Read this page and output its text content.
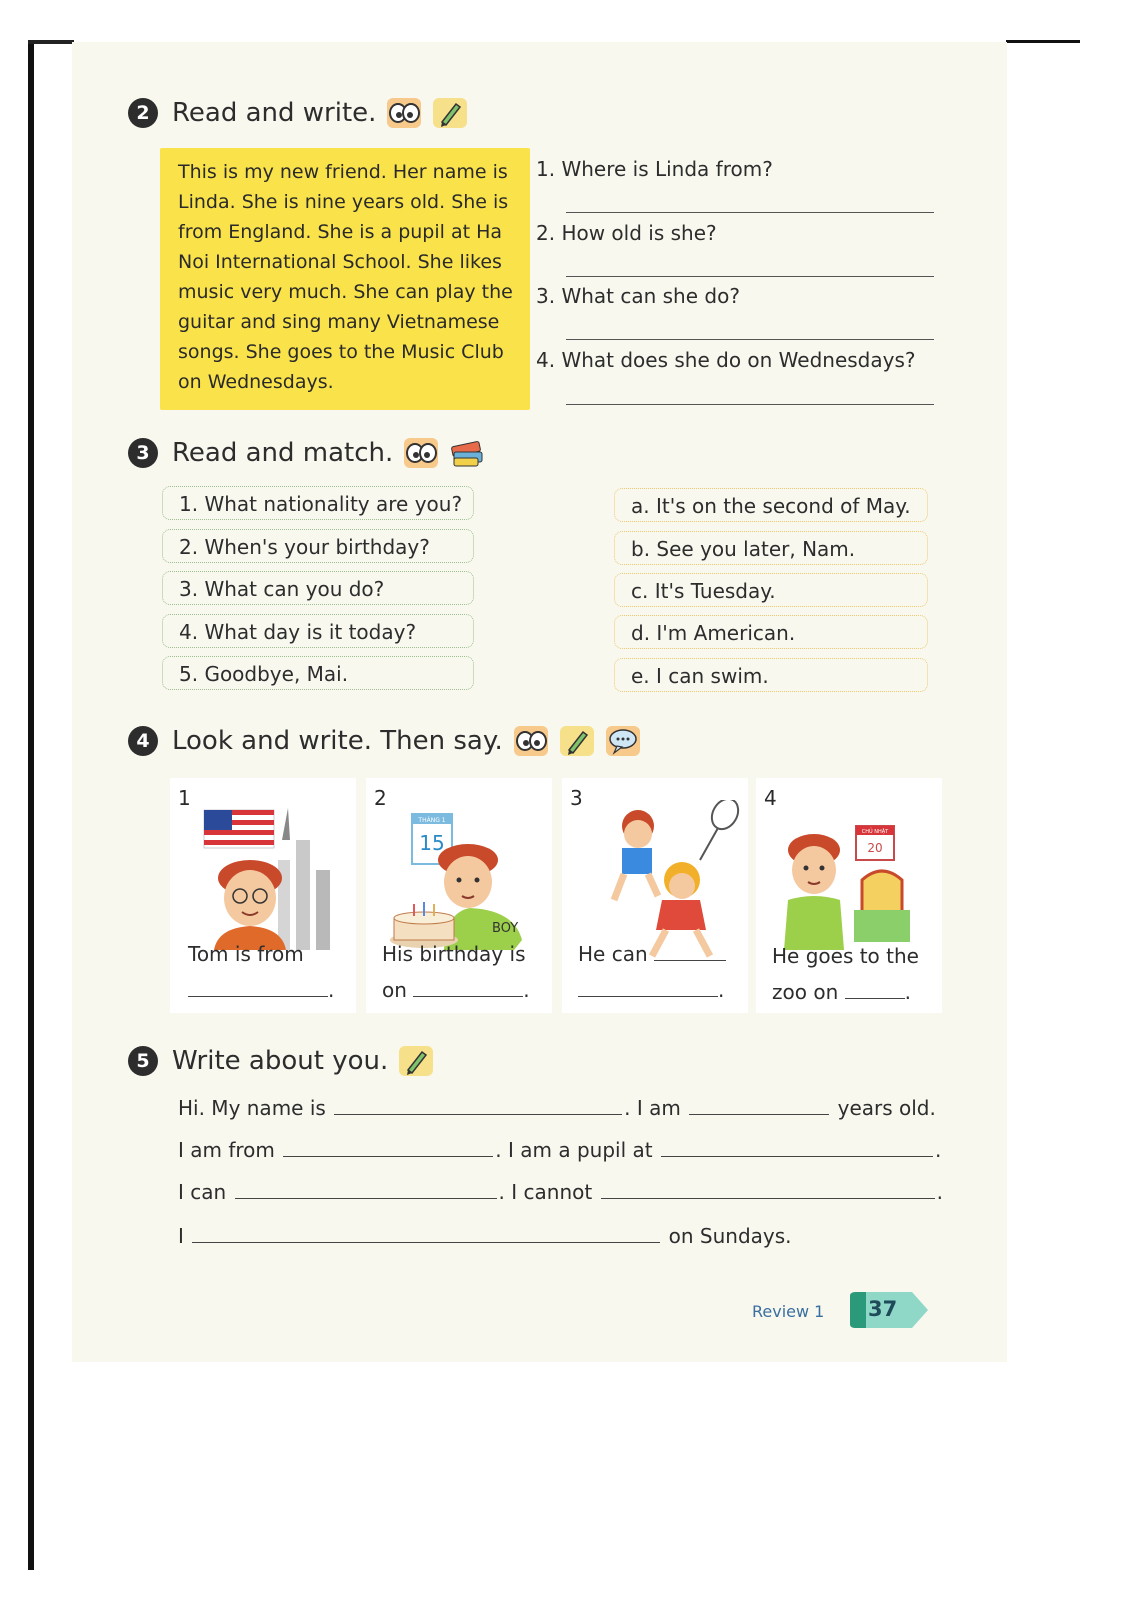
2 Read and write.
This is my new friend. Her name is Linda. She is nine years old. She is from England. She is a pupil at Ha Noi International School. She likes music very much. She can play the guitar and sing many Vietnamese songs. She goes to the Music Club on Wednesdays.
1. Where is Linda from?
2. How old is she?
3. What can she do?
4. What does she do on Wednesdays?
3 Read and match.
1. What nationality are you?
2. When's your birthday?
3. What can you do?
4. What day is it today?
5. Goodbye, Mai.
a. It's on the second of May.
b. See you later, Nam.
c. It's Tuesday.
d. I'm American.
e. I can swim.
4 Look and write. Then say.
1
Tom is from
.
2
THÁNG 1
15
BOY
His birthday is
on	.
3
He can
.
4
CHỦ NHẬT
20
He goes to the
zoo on	.
5 Write about you.
Hi. My name is	. I am	years old.
I am from	. I am a pupil at	.
I can	. I cannot	.
I	on Sundays.
Review 1 37
